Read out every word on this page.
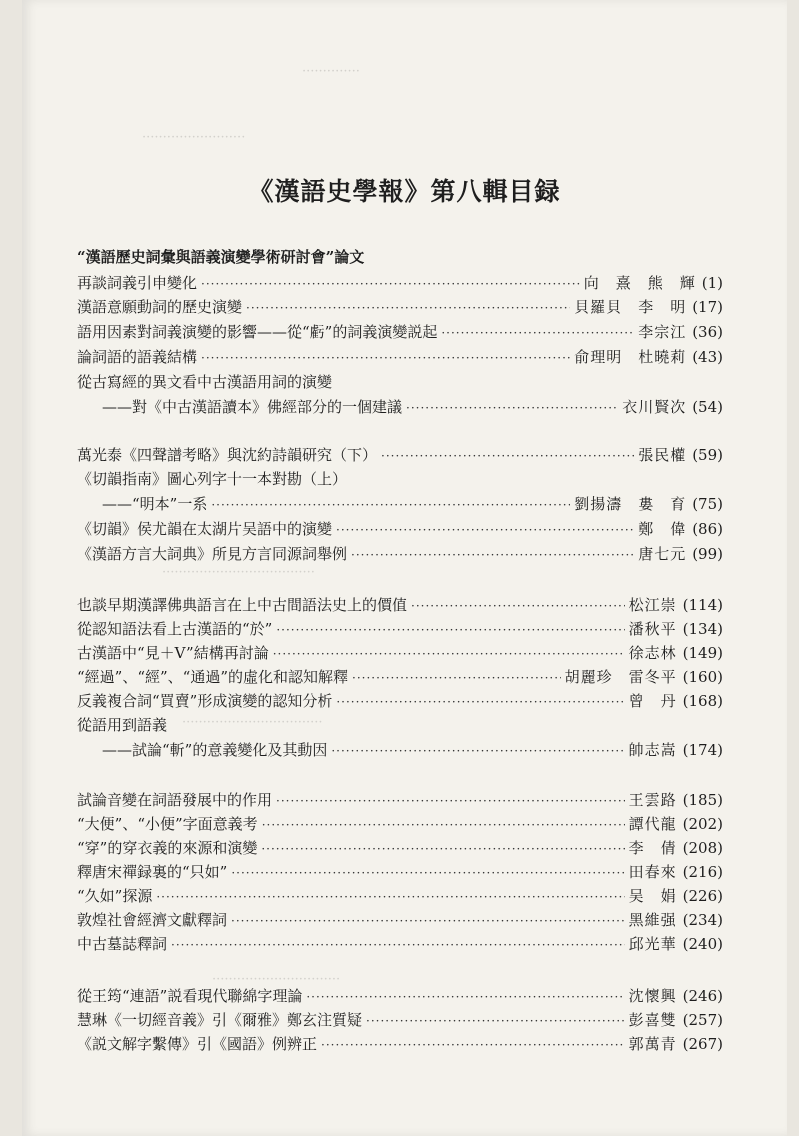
··············
·························
·····································
··································
·······························
《漢語史學報》第八輯目録
“漢語歷史詞彙與語義演變學術研討會”論文
再談詞義引申變化 ·····	向　熹　熊　輝 (1)
漢語意願動詞的歷史演變 ·····	貝羅貝　李　明 (17)
語用因素對詞義演變的影響——從“虧”的詞義演變説起 ·····	李宗江 (36)
論詞語的語義結構 ·····	俞理明　杜曉莉 (43)
從古寫經的異文看中古漢語用詞的演變
——對《中古漢語讀本》佛經部分的一個建議 ·····	衣川賢次 (54)
萬光泰《四聲譜考略》與沈約詩韻研究（下） ·····	張民權 (59)
《切韻指南》圖心列字十一本對勘（上）
——“明本”一系 ·····	劉揚濤　婁　育 (75)
《切韻》侯尤韻在太湖片吴語中的演變 ·····	鄭　偉 (86)
《漢語方言大詞典》所見方言同源詞舉例 ·····	唐七元 (99)
也談早期漢譯佛典語言在上中古間語法史上的價值 ·····	松江崇 (114)
從認知語法看上古漢語的“於” ·····	潘秋平 (134)
古漢語中“見＋V”結構再討論 ·····	徐志林 (149)
“經過”、“經”、“通過”的虛化和認知解釋 ·····	胡麗珍　雷冬平 (160)
反義複合詞“買賣”形成演變的認知分析 ·····	曾　丹 (168)
從語用到語義
——試論“斬”的意義變化及其動因 ·····	帥志嵩 (174)
試論音變在詞語發展中的作用 ·····	王雲路 (185)
“大便”、“小便”字面意義考 ·····	譚代龍 (202)
“穿”的穿衣義的來源和演變 ·····	李　倩 (208)
釋唐宋禪録裏的“只如” ·····	田春來 (216)
“久如”探源 ·····	吴　娟 (226)
敦煌社會經濟文獻釋詞 ·····	黑維强 (234)
中古墓誌釋詞 ·····	邱光華 (240)
從王筠“連語”説看現代聯綿字理論 ·····	沈懷興 (246)
慧琳《一切經音義》引《爾雅》鄭玄注質疑 ·····	彭喜雙 (257)
《説文解字繫傳》引《國語》例辨正 ·····	郭萬青 (267)
